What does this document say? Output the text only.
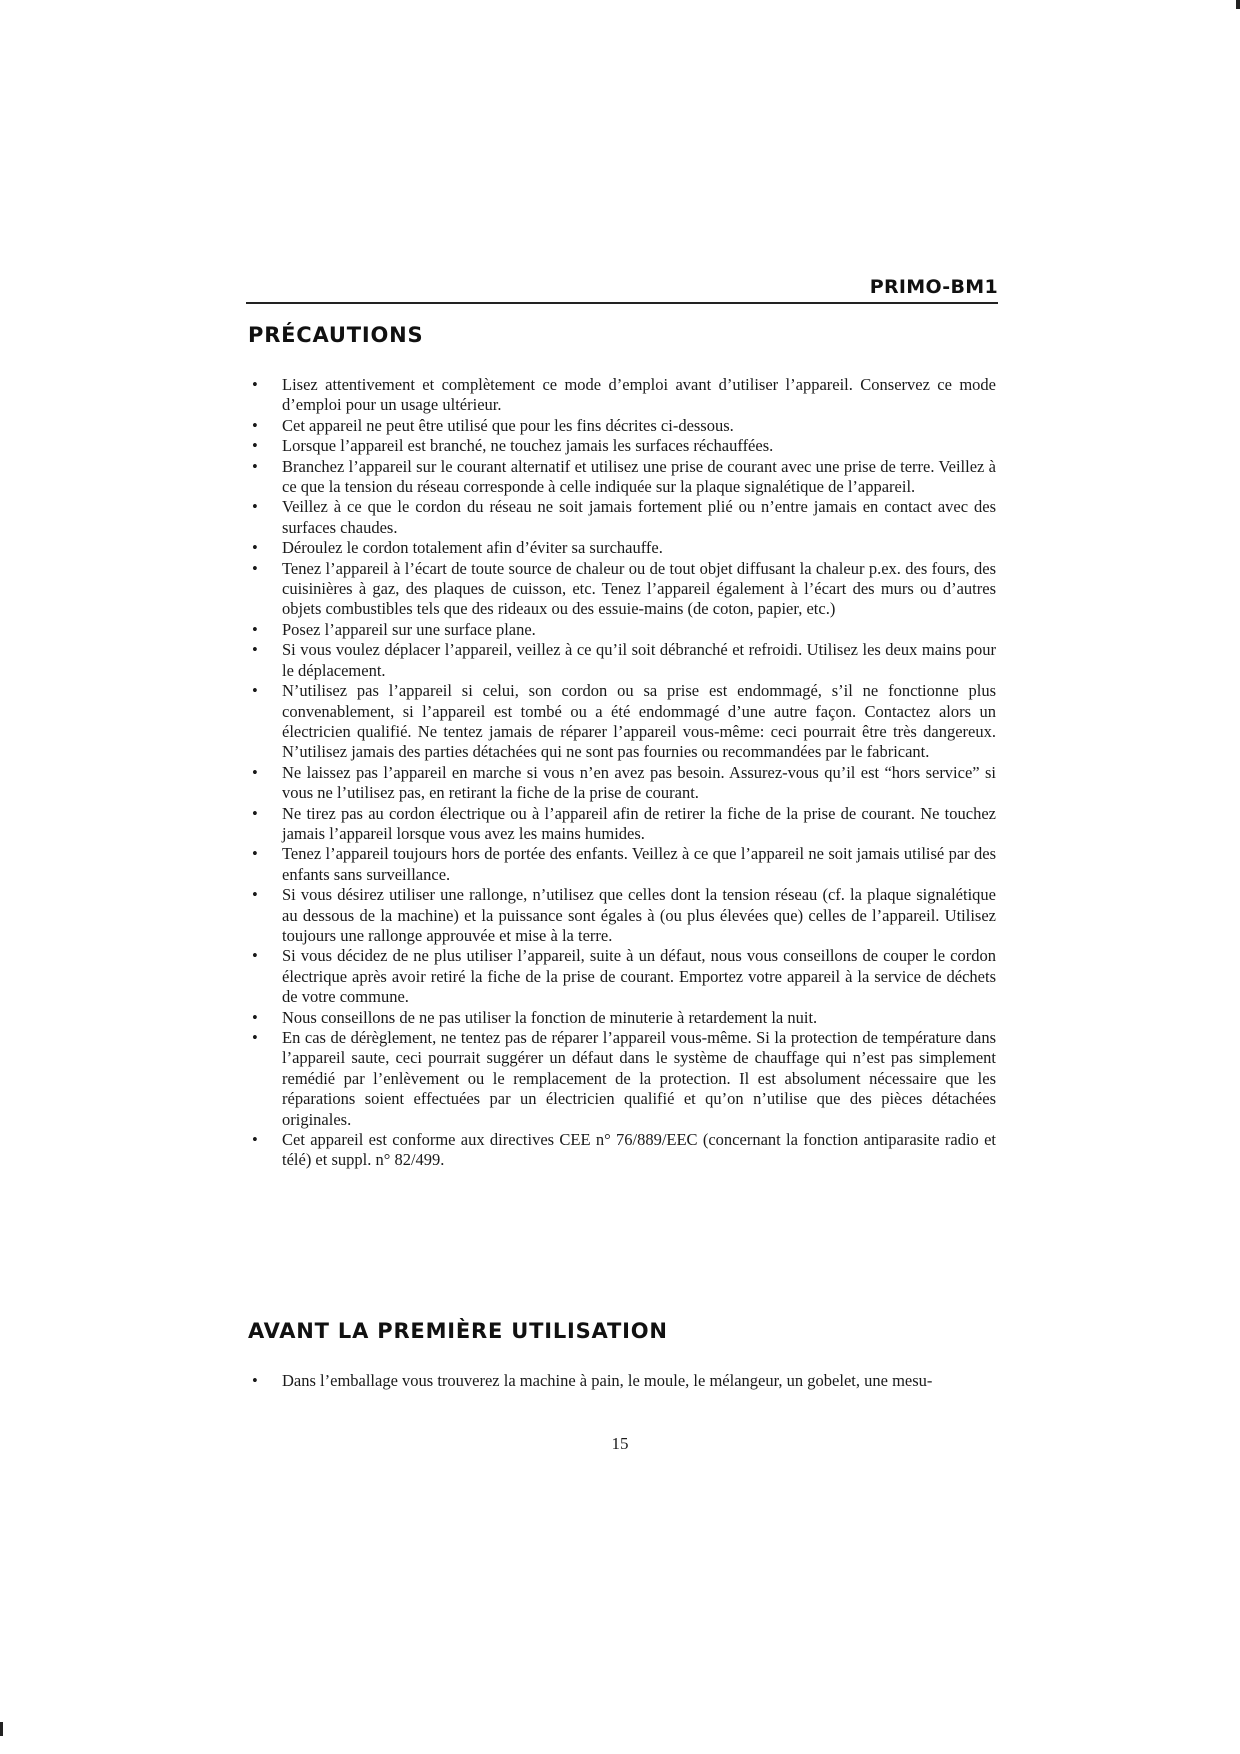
PRIMO-BM1
PRÉCAUTIONS
• Lisez attentivement et complètement ce mode d’emploi avant d’utiliser l’appareil. Conservez ce mode d’emploi pour un usage ultérieur.
• Cet appareil ne peut être utilisé que pour les fins décrites ci-dessous.
• Lorsque l’appareil est branché, ne touchez jamais les surfaces réchauffées.
• Branchez l’appareil sur le courant alternatif et utilisez une prise de courant avec une prise de terre. Veillez à ce que la tension du réseau corresponde à celle indiquée sur la plaque signalétique de l’appareil.
• Veillez à ce que le cordon du réseau ne soit jamais fortement plié ou n’entre jamais en contact avec des surfaces chaudes.
• Déroulez le cordon totalement afin d’éviter sa surchauffe.
• Tenez l’appareil à l’écart de toute source de chaleur ou de tout objet diffusant la chaleur p.ex. des fours, des cuisinières à gaz, des plaques de cuisson, etc. Tenez l’appareil également à l’écart des murs ou d’autres objets combustibles tels que des rideaux ou des essuie-mains (de coton, papier, etc.)
• Posez l’appareil sur une surface plane.
• Si vous voulez déplacer l’appareil, veillez à ce qu’il soit débranché et refroidi. Utilisez les deux mains pour le déplacement.
• N’utilisez pas l’appareil si celui, son cordon ou sa prise est endommagé, s’il ne fonctionne plus convenablement, si l’appareil est tombé ou a été endommagé d’une autre façon. Contactez alors un électricien qualifié. Ne tentez jamais de réparer l’appareil vous-même: ceci pourrait être très dangereux. N’utilisez jamais des parties détachées qui ne sont pas fournies ou recommandées par le fabricant.
• Ne laissez pas l’appareil en marche si vous n’en avez pas besoin. Assurez-vous qu’il est “hors service” si vous ne l’utilisez pas, en retirant la fiche de la prise de courant.
• Ne tirez pas au cordon électrique ou à l’appareil afin de retirer la fiche de la prise de courant. Ne touchez jamais l’appareil lorsque vous avez les mains humides.
• Tenez l’appareil toujours hors de portée des enfants. Veillez à ce que l’appareil ne soit jamais utilisé par des enfants sans surveillance.
• Si vous désirez utiliser une rallonge, n’utilisez que celles dont la tension réseau (cf. la plaque signalétique au dessous de la machine) et la puissance sont égales à (ou plus élevées que) celles de l’appareil. Utilisez toujours une rallonge approuvée et mise à la terre.
• Si vous décidez de ne plus utiliser l’appareil, suite à un défaut, nous vous conseillons de couper le cordon électrique après avoir retiré la fiche de la prise de courant. Emportez votre appareil à la service de déchets de votre commune.
• Nous conseillons de ne pas utiliser la fonction de minuterie à retardement la nuit.
• En cas de dérèglement, ne tentez pas de réparer l’appareil vous-même. Si la protection de température dans l’appareil saute, ceci pourrait suggérer un défaut dans le système de chauffage qui n’est pas simplement remédié par l’enlèvement ou le remplacement de la protection. Il est absolument nécessaire que les réparations soient effectuées par un électricien qualifié et qu’on n’utilise que des pièces détachées originales.
• Cet appareil est conforme aux directives CEE n° 76/889/EEC (concernant la fonction antiparasite radio et télé) et suppl. n° 82/499.
AVANT LA PREMIÈRE UTILISATION
• Dans l’emballage vous trouverez la machine à pain, le moule, le mélangeur, un gobelet, une mesu-
15
